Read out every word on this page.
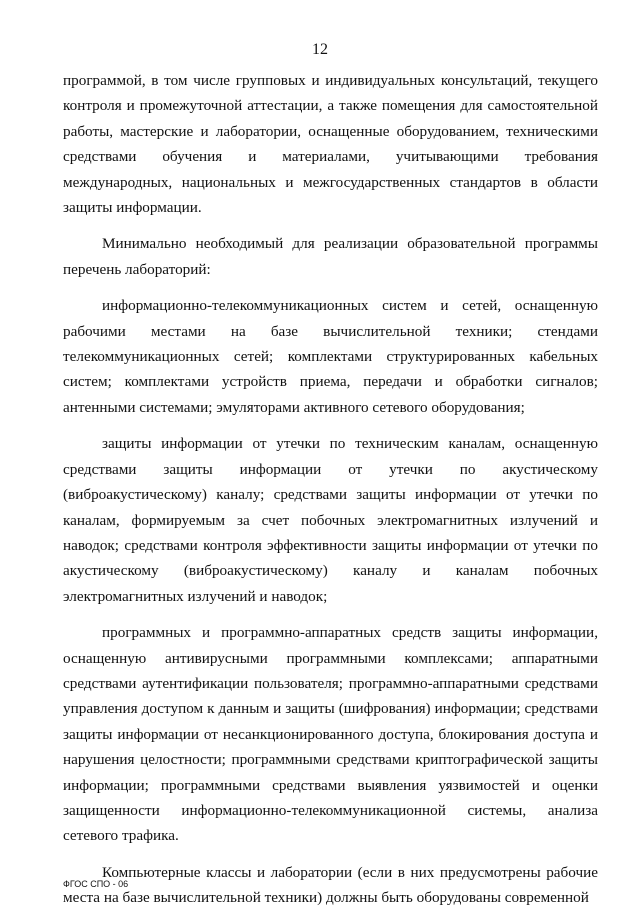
12

программой, в том числе групповых и индивидуальных консультаций, текущего контроля и промежуточной аттестации, а также помещения для самостоятельной работы, мастерские и лаборатории, оснащенные оборудованием, техническими средствами обучения и материалами, учитывающими требования международных, национальных и межгосударственных стандартов в области защиты информации.

Минимально необходимый для реализации образовательной программы перечень лабораторий:

информационно-телекоммуникационных систем и сетей, оснащенную рабочими местами на базе вычислительной техники; стендами телекоммуникационных сетей; комплектами структурированных кабельных систем; комплектами устройств приема, передачи и обработки сигналов; антенными системами; эмуляторами активного сетевого оборудования;

защиты информации от утечки по техническим каналам, оснащенную средствами защиты информации от утечки по акустическому (виброакустическому) каналу; средствами защиты информации от утечки по каналам, формируемым за счет побочных электромагнитных излучений и наводок; средствами контроля эффективности защиты информации от утечки по акустическому (виброакустическому) каналу и каналам побочных электромагнитных излучений и наводок;

программных и программно-аппаратных средств защиты информации, оснащенную антивирусными программными комплексами; аппаратными средствами аутентификации пользователя; программно-аппаратными средствами управления доступом к данным и защиты (шифрования) информации; средствами защиты информации от несанкционированного доступа, блокирования доступа и нарушения целостности; программными средствами криптографической защиты информации; программными средствами выявления уязвимостей и оценки защищенности информационно-телекоммуникационной системы, анализа сетевого трафика.

Компьютерные классы и лаборатории (если в них предусмотрены рабочие места на базе вычислительной техники) должны быть оборудованы современной

ФГОС СПО - 06
